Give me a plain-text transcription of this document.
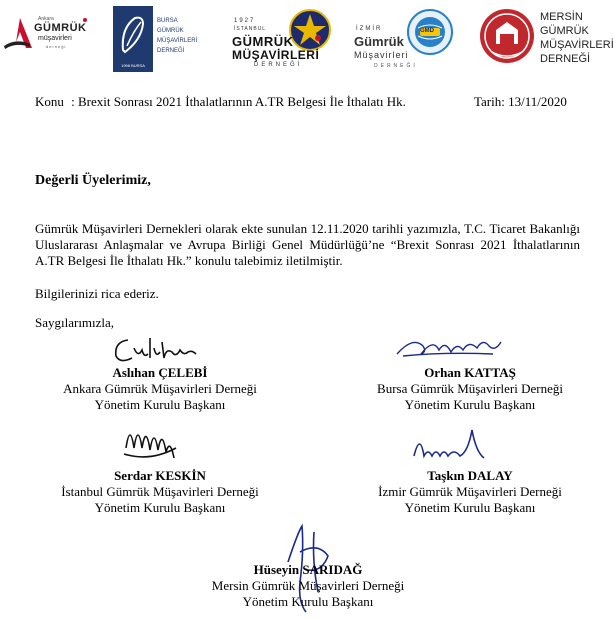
Ankara
GÜMRÜK
müşavirleri
derneği
1998 BURSA
BURSA
GÜMRÜK
MÜŞAVİRLERİ
DERNEĞİ
1927
İSTANBUL
GÜMRÜK
MÜŞAVİRLERİ
DERNEĞİ
GMD
İZMİR
Gümrük
Müşavirleri
DERNEĞİ
MERSİN
GÜMRÜK
MÜŞAVİRLERİ
DERNEĞİ
Konu : Brexit Sonrası 2021 İthalatlarının A.TR Belgesi İle İthalatı Hk.	Tarih: 13/11/2020
Değerli Üyelerimiz,
Gümrük Müşavirleri Dernekleri olarak ekte sunulan 12.11.2020 tarihli yazımızla, T.C. Ticaret Bakanlığı Uluslararası Anlaşmalar ve Avrupa Birliği Genel Müdürlüğü’ne “Brexit Sonrası 2021 İthalatlarının A.TR Belgesi İle İthalatı Hk.” konulu talebimiz iletilmiştir.
Bilgilerinizi rica ederiz.
Saygılarımızla,
Aslıhan ÇELEBİ
Ankara Gümrük Müşavirleri Derneği
Yönetim Kurulu Başkanı
Orhan KATTAŞ
Bursa Gümrük Müşavirleri Derneği
Yönetim Kurulu Başkanı
Serdar KESKİN
İstanbul Gümrük Müşavirleri Derneği
Yönetim Kurulu Başkanı
Taşkın DALAY
İzmir Gümrük Müşavirleri Derneği
Yönetim Kurulu Başkanı
Hüseyin SARIDAĞ
Mersin Gümrük Müşavirleri Derneği
Yönetim Kurulu Başkanı
